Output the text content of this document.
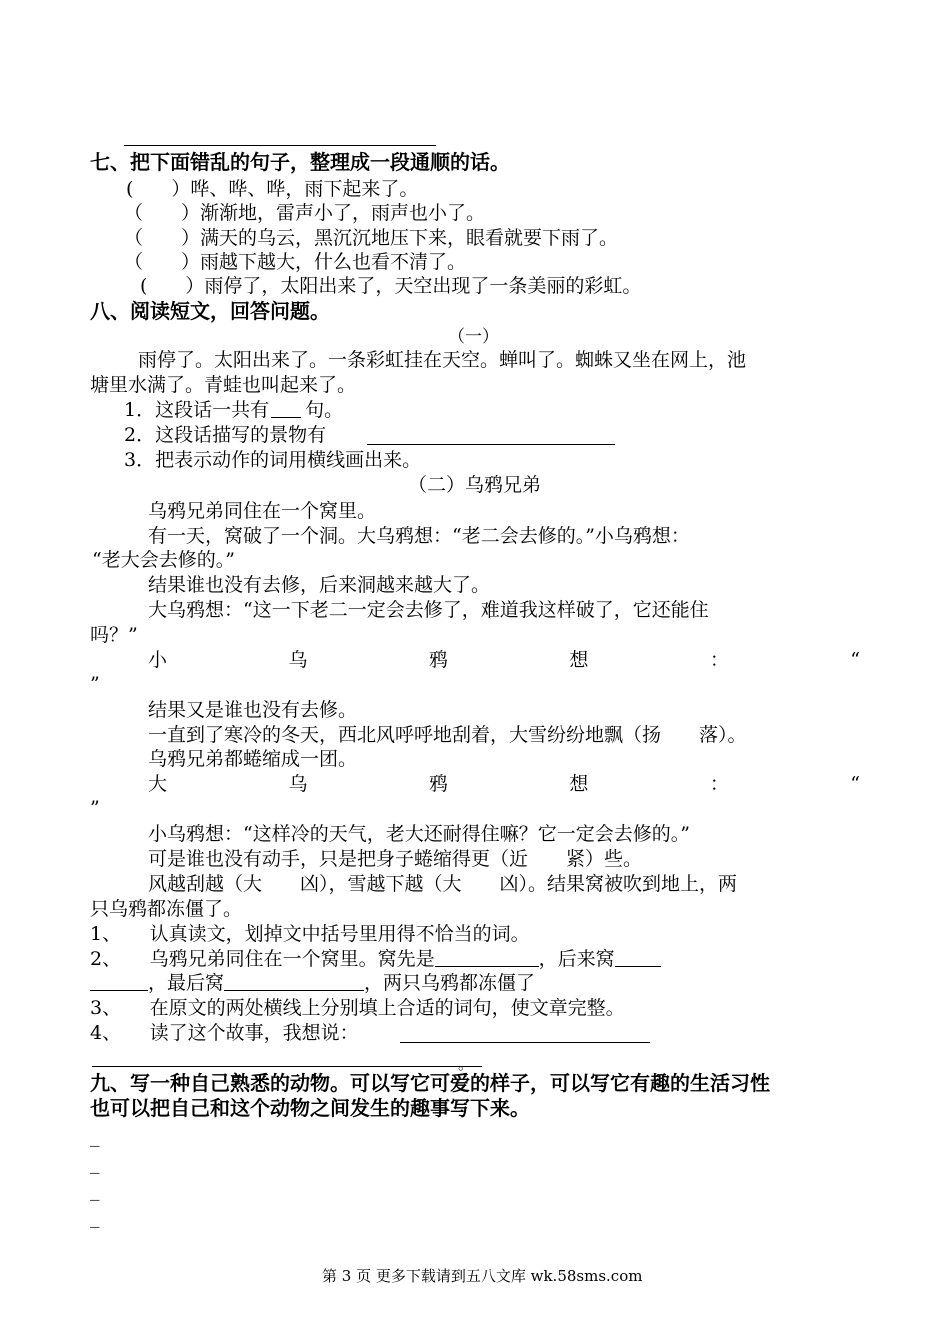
七、把下面错乱的句子，整理成一段通顺的话。
(　　）哗、哗、哗，雨下起来了。
（　　）渐渐地，雷声小了，雨声也小了。
（　　）满天的乌云，黑沉沉地压下来，眼看就要下雨了。
（　　）雨越下越大，什么也看不清了。
(　　）雨停了，太阳出来了，天空出现了一条美丽的彩虹。
八、阅读短文，回答问题。
（一）
雨停了。太阳出来了。一条彩虹挂在天空。蝉叫了。蜘蛛又坐在网上，池
塘里水满了。青蛙也叫起来了。
1．这段话一共有 句。
2．这段话描写的景物有
3．把表示动作的词用横线画出来。
（二）乌鸦兄弟
乌鸦兄弟同住在一个窝里。
有一天，窝破了一个洞。大乌鸦想：“老二会去修的。”小乌鸦想：
“老大会去修的。”
结果谁也没有去修，后来洞越来越大了。
大乌鸦想：“这一下老二一定会去修了，难道我这样破了，它还能住
吗？”
小	乌	鸦	想	：	“
”
结果又是谁也没有去修。
一直到了寒冷的冬天，西北风呼呼地刮着，大雪纷纷地飘（扬　　落）。
乌鸦兄弟都蜷缩成一团。
大	乌	鸦	想	：	“
”
小乌鸦想：“这样冷的天气，老大还耐得住嘛？它一定会去修的。”
可是谁也没有动手，只是把身子蜷缩得更（近　　紧）些。
风越刮越（大　　凶），雪越下越（大　　凶）。结果窝被吹到地上，两
只乌鸦都冻僵了。
1、　　认真读文，划掉文中括号里用得不恰当的词。
2、　　乌鸦兄弟同住在一个窝里。窝先是	，后来窝
，最后窝	，两只乌鸦都冻僵了
3、　　在原文的两处横线上分别填上合适的词句，使文章完整。
4、　　读了这个故事，我想说：
。
九、写一种自己熟悉的动物。可以写它可爱的样子，可以写它有趣的生活习性
也可以把自己和这个动物之间发生的趣事写下来。
_
_
_
_
第 3 页 更多下载请到五八文库 wk.58sms.com
